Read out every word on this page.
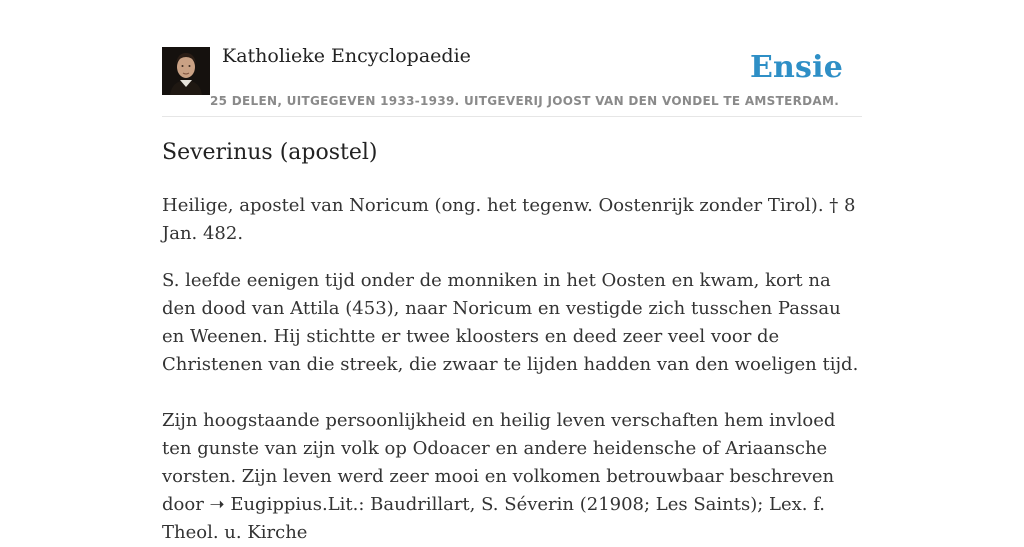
Katholieke Encyclopaedie	Ensie
25 DELEN, UITGEGEVEN 1933-1939. UITGEVERIJ JOOST VAN DEN VONDEL TE AMSTERDAM.
Severinus (apostel)

Heilige, apostel van Noricum (ong. het tegenw. Oostenrijk zonder Tirol). † 8 Jan. 482.

S. leefde eenigen tijd onder de monniken in het Oosten en kwam, kort na den dood van Attila (453), naar Noricum en vestigde zich tusschen Passau en Weenen. Hij stichtte er twee kloosters en deed zeer veel voor de Christenen van die streek, die zwaar te lijden hadden van den woeligen tijd.

Zijn hoogstaande persoonlijkheid en heilig leven verschaften hem invloed ten gunste van zijn volk op Odoacer en andere heidensche of Ariaansche vorsten. Zijn leven werd zeer mooi en volkomen betrouwbaar beschreven door ➝ Eugippius.Lit.: Baudrillart, S. Séverin (21908; Les Saints); Lex. f. Theol. u. Kirche
